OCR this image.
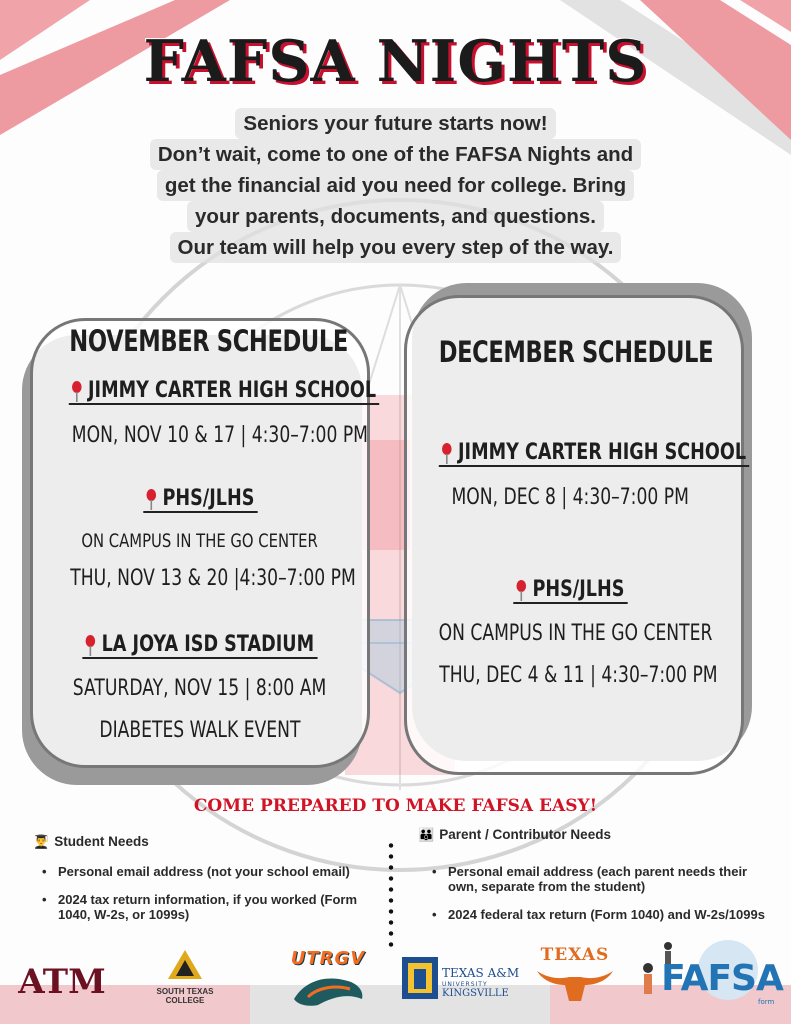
FAFSA NIGHTS
Seniors your future starts now!
Don’t wait, come to one of the FAFSA Nights and
get the financial aid you need for college. Bring
your parents, documents, and questions.
Our team will help you every step of the way.
NOVEMBER SCHEDULE
JIMMY CARTER HIGH SCHOOL
MON, NOV 10 & 17 | 4:30–7:00 PM
PHS/JLHS
ON CAMPUS IN THE GO CENTER
THU, NOV 13 & 20 |4:30–7:00 PM
LA JOYA ISD STADIUM
SATURDAY, NOV 15 | 8:00 AM
DIABETES WALK EVENT
DECEMBER SCHEDULE
JIMMY CARTER HIGH SCHOOL
MON, DEC 8 | 4:30–7:00 PM
PHS/JLHS
ON CAMPUS IN THE GO CENTER
THU, DEC 4 & 11 | 4:30–7:00 PM
COME PREPARED TO MAKE FAFSA EASY!
👨‍🎓 Student Needs
• Personal email address (not your school email)
• 2024 tax return information, if you worked (Form 1040, W-2s, or 1099s)
👪 Parent / Contributor Needs
• Personal email address (each parent needs their own, separate from the student)
• 2024 federal tax return (Form 1040) and W-2s/1099s
ATM	SOUTH TEXAS
COLLEGE
UTRGV
TEXAS A&M
UNIVERSITY
KINGSVILLE
TEXAS
FAFSA
form
